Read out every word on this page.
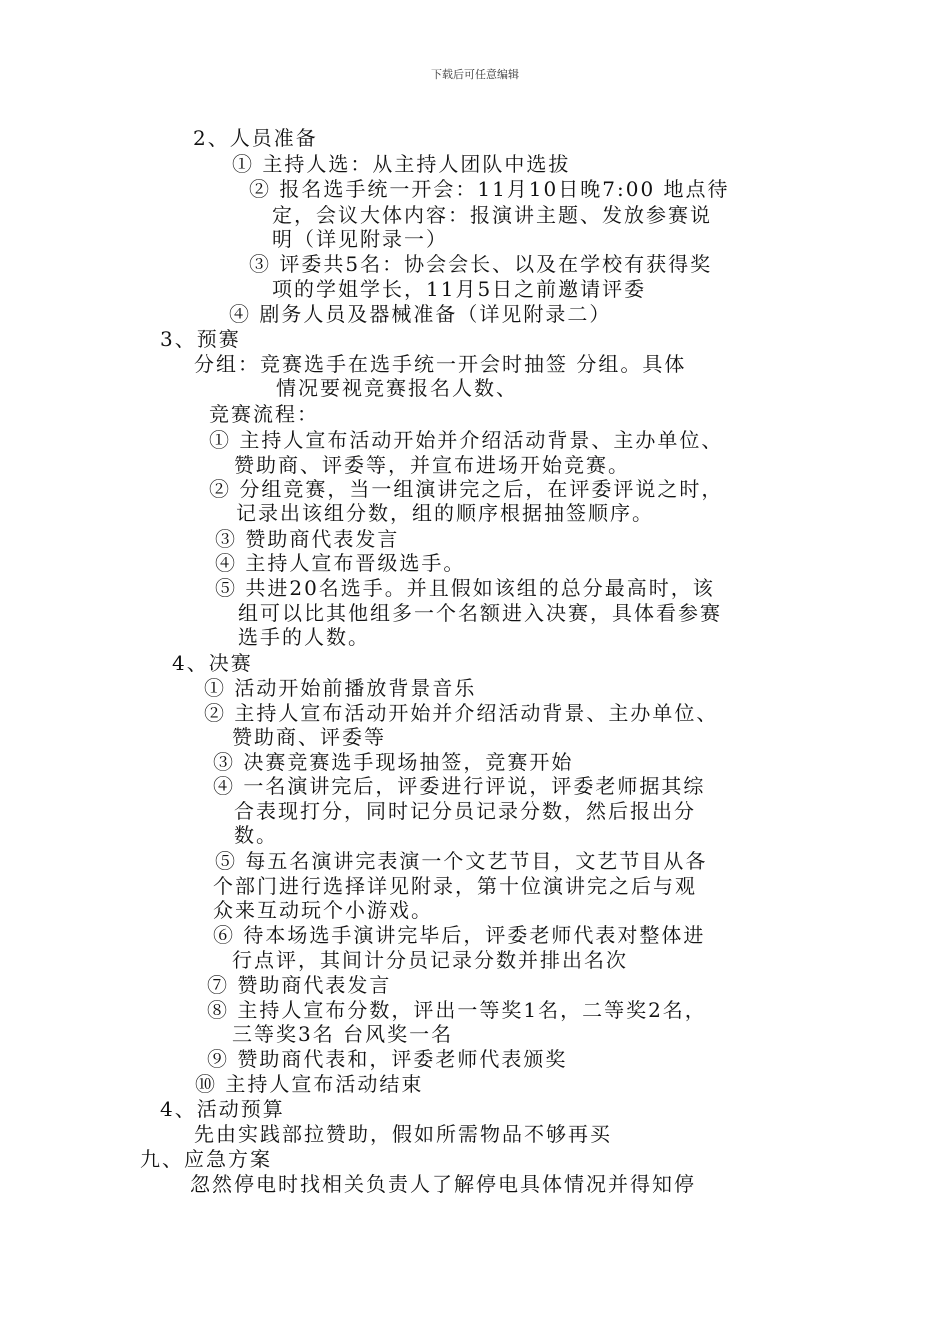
下载后可任意编辑
2、人员准备
① 主持人选：从主持人团队中选拔
② 报名选手统一开会：11月10日晚7:00 地点待
定，会议大体内容：报演讲主题、发放参赛说
明（详见附录一）
③ 评委共5名：协会会长、以及在学校有获得奖
项的学姐学长，11月5日之前邀请评委
④ 剧务人员及器械准备（详见附录二）
3、预赛
分组：竞赛选手在选手统一开会时抽签 分组。具体
情况要视竞赛报名人数、
竞赛流程：
① 主持人宣布活动开始并介绍活动背景、主办单位、
赞助商、评委等，并宣布进场开始竞赛。
② 分组竞赛，当一组演讲完之后，在评委评说之时，
记录出该组分数，组的顺序根据抽签顺序。
③ 赞助商代表发言
④ 主持人宣布晋级选手。
⑤ 共进20名选手。并且假如该组的总分最高时，该
组可以比其他组多一个名额进入决赛，具体看参赛
选手的人数。
4、决赛
① 活动开始前播放背景音乐
② 主持人宣布活动开始并介绍活动背景、主办单位、
赞助商、评委等
③ 决赛竞赛选手现场抽签，竞赛开始
④ 一名演讲完后，评委进行评说，评委老师据其综
合表现打分，同时记分员记录分数，然后报出分
数。
⑤ 每五名演讲完表演一个文艺节目，文艺节目从各
个部门进行选择详见附录，第十位演讲完之后与观
众来互动玩个小游戏。
⑥ 待本场选手演讲完毕后，评委老师代表对整体进
行点评，其间计分员记录分数并排出名次
⑦ 赞助商代表发言
⑧ 主持人宣布分数，评出一等奖1名，二等奖2名，
三等奖3名 台风奖一名
⑨ 赞助商代表和，评委老师代表颁奖
⑩ 主持人宣布活动结束
4、活动预算
先由实践部拉赞助，假如所需物品不够再买
九、应急方案
忽然停电时找相关负责人了解停电具体情况并得知停
